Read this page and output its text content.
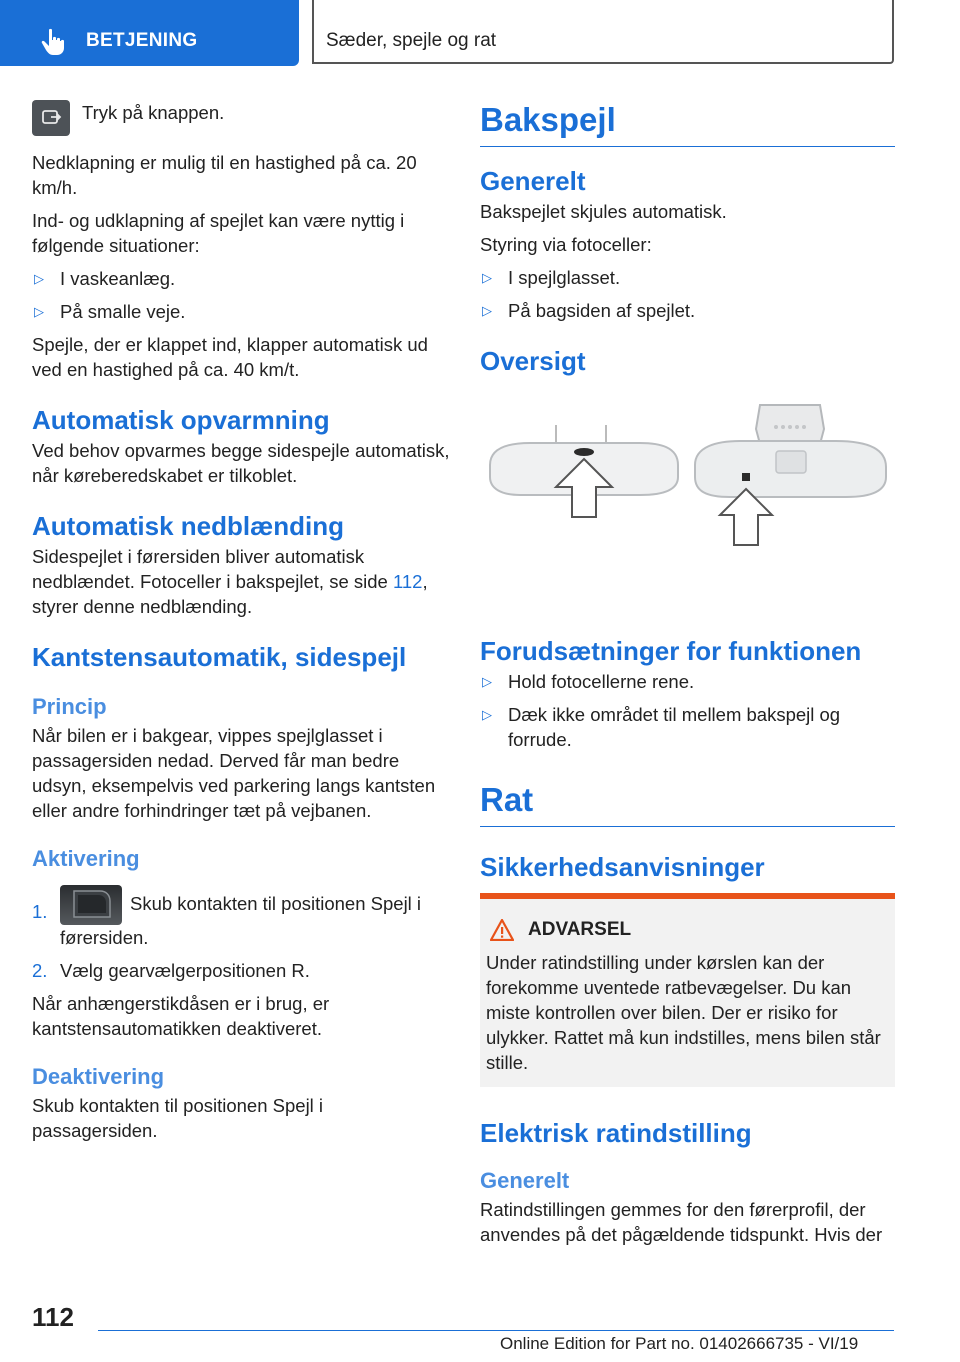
BETJENING	Sæder, spejle og rat

Tryk på knappen.

Nedklapning er mulig til en hastighed på ca. 20 km/h.

Ind- og udklapning af spejlet kan være nyttig i følgende situationer:

▷ I vaskeanlæg.
▷ På smalle veje.

Spejle, der er klappet ind, klapper automatisk ud ved en hastighed på ca. 40 km/t.

Automatisk opvarmning

Ved behov opvarmes begge sidespejle automatisk, når køreberedskabet er tilkoblet.

Automatisk nedblænding

Sidespejlet i førersiden bliver automatisk nedblændet. Fotoceller i bakspejlet, se side 112, styrer denne nedblænding.

Kantstensautomatik, sidespejl
Princip

Når bilen er i bakgear, vippes spejlglasset i passagersiden nedad. Derved får man bedre udsyn, eksempelvis ved parkering langs kantsten eller andre forhindringer tæt på vejbanen.

Aktivering
1.	Skub kontakten til positionen Spejl i førersiden.
2. Vælg gearvælgerpositionen R.

Når anhængerstikdåsen er i brug, er kantstensautomatikken deaktiveret.

Deaktivering

Skub kontakten til positionen Spejl i passagersiden.

Bakspejl
Generelt

Bakspejlet skjules automatisk.

Styring via fotoceller:

▷ I spejlglasset.
▷ På bagsiden af spejlet.
Oversigt
Forudsætninger for funktionen
▷ Hold fotocellerne rene.
▷ Dæk ikke området til mellem bakspejl og forrude.
Rat
Sikkerhedsanvisninger
ADVARSEL

Under ratindstilling under kørslen kan der forekomme uventede ratbevægelser. Du kan miste kontrollen over bilen. Der er risiko for ulykker. Rattet må kun indstilles, mens bilen står stille.

Elektrisk ratindstilling
Generelt

Ratindstillingen gemmes for den førerprofil, der anvendes på det pågældende tidspunkt. Hvis der

112
Online Edition for Part no. 01402666735 - VI/19
